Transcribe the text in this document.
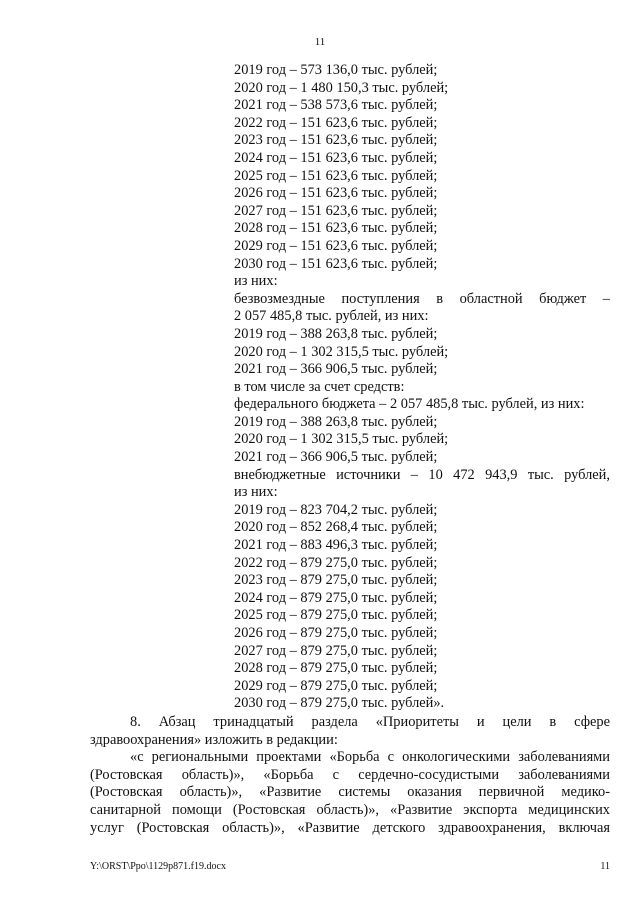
11
2019 год – 573 136,0 тыс. рублей;
2020 год – 1 480 150,3 тыс. рублей;
2021 год – 538 573,6 тыс. рублей;
2022 год – 151 623,6 тыс. рублей;
2023 год – 151 623,6 тыс. рублей;
2024 год – 151 623,6 тыс. рублей;
2025 год – 151 623,6 тыс. рублей;
2026 год – 151 623,6 тыс. рублей;
2027 год – 151 623,6 тыс. рублей;
2028 год – 151 623,6 тыс. рублей;
2029 год – 151 623,6 тыс. рублей;
2030 год – 151 623,6 тыс. рублей;
из них:
безвозмездные поступления в областной бюджет –
2 057 485,8 тыс. рублей, из них:
2019 год – 388 263,8 тыс. рублей;
2020 год – 1 302 315,5 тыс. рублей;
2021 год – 366 906,5 тыс. рублей;
в том числе за счет средств:
федерального бюджета – 2 057 485,8 тыс. рублей, из них:
2019 год – 388 263,8 тыс. рублей;
2020 год – 1 302 315,5 тыс. рублей;
2021 год – 366 906,5 тыс. рублей;
внебюджетные источники – 10 472 943,9 тыс. рублей,
из них:
2019 год – 823 704,2 тыс. рублей;
2020 год – 852 268,4 тыс. рублей;
2021 год – 883 496,3 тыс. рублей;
2022 год – 879 275,0 тыс. рублей;
2023 год – 879 275,0 тыс. рублей;
2024 год – 879 275,0 тыс. рублей;
2025 год – 879 275,0 тыс. рублей;
2026 год – 879 275,0 тыс. рублей;
2027 год – 879 275,0 тыс. рублей;
2028 год – 879 275,0 тыс. рублей;
2029 год – 879 275,0 тыс. рублей;
2030 год – 879 275,0 тыс. рублей».
8. Абзац тринадцатый раздела «Приоритеты и цели в сфере
здравоохранения» изложить в редакции:
«с региональными проектами «Борьба с онкологическими заболеваниями
(Ростовская область)», «Борьба с сердечно-сосудистыми заболеваниями
(Ростовская область)», «Развитие системы оказания первичной медико-
санитарной помощи (Ростовская область)», «Развитие экспорта медицинских
услуг (Ростовская область)», «Развитие детского здравоохранения, включая
Y:\ORST\Ppo\1129p871.f19.docx	11
